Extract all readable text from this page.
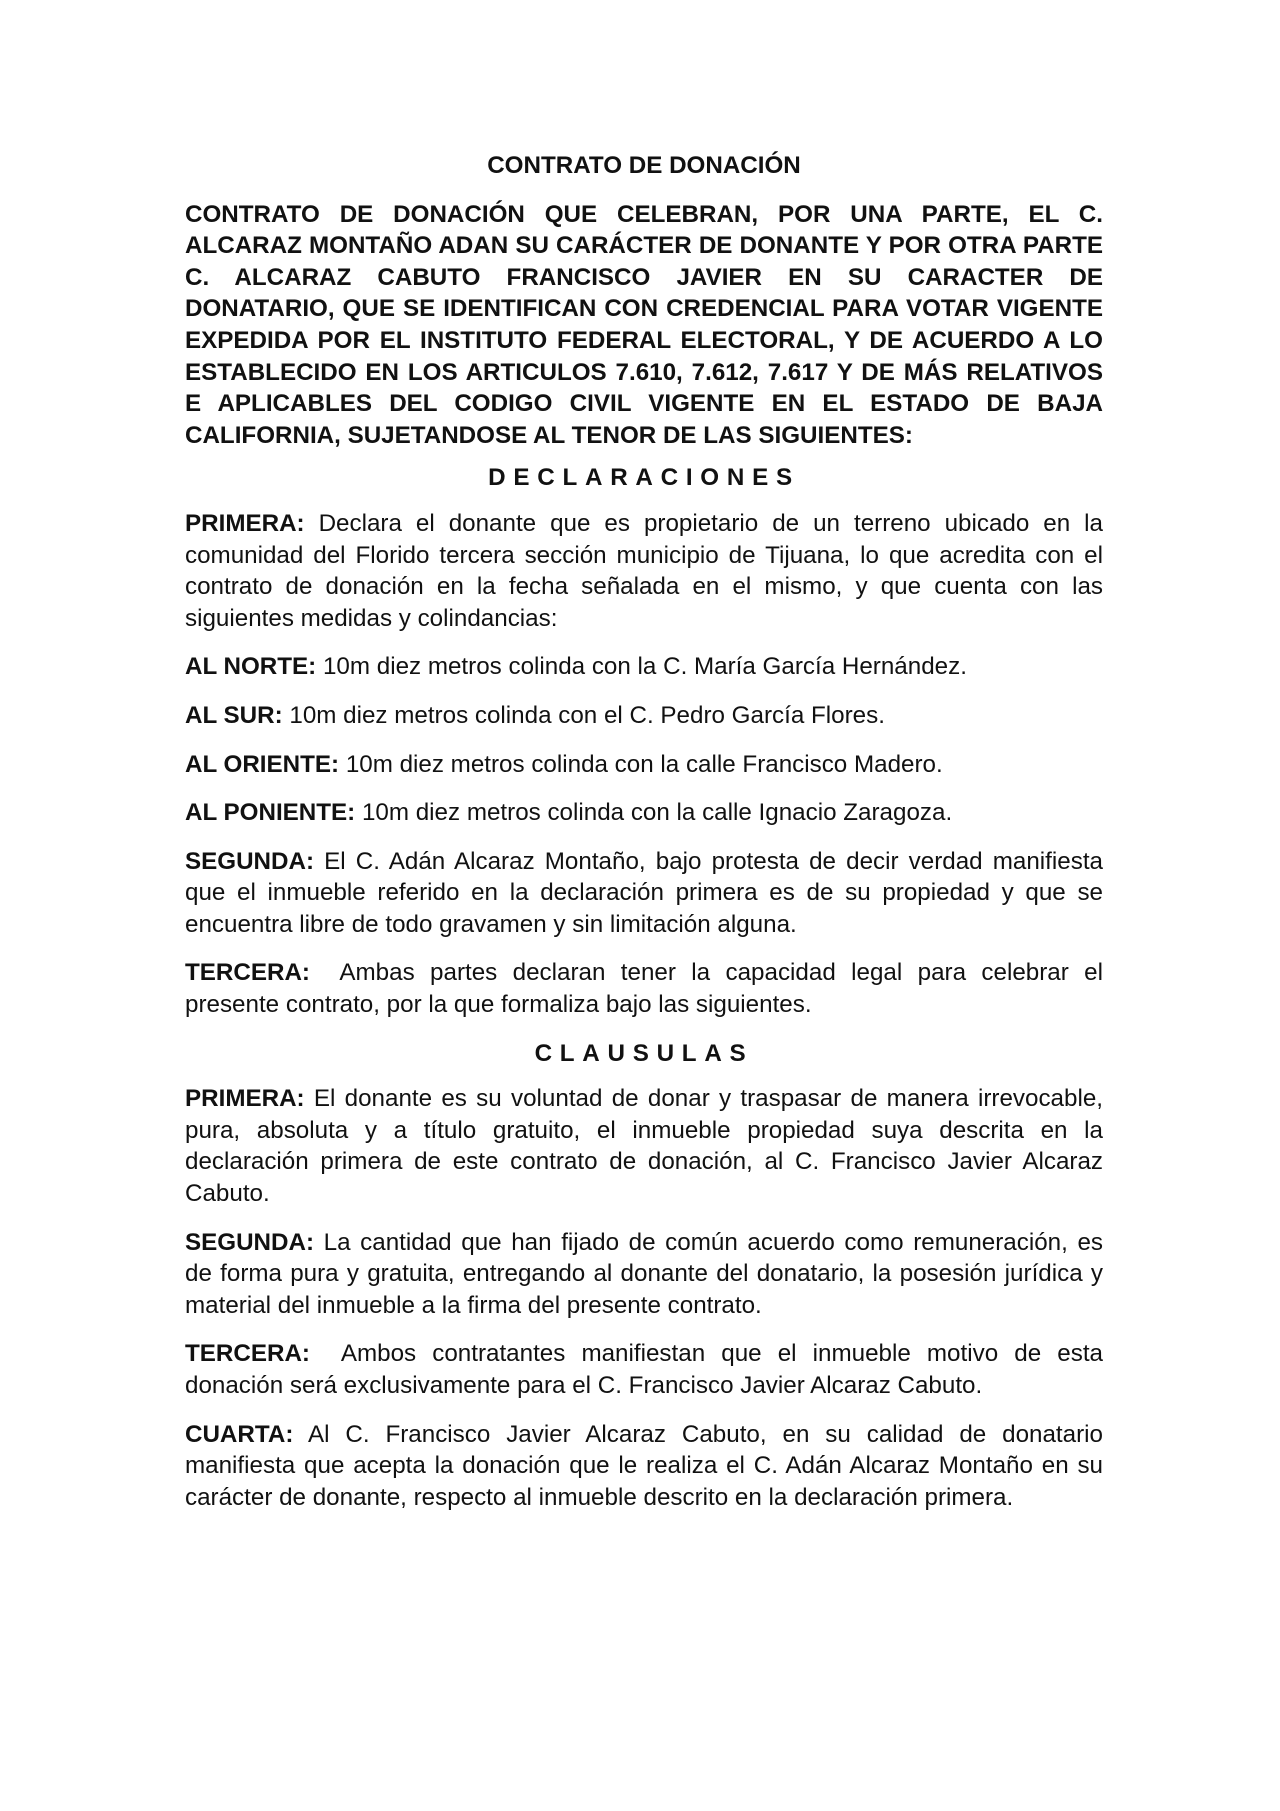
CONTRATO DE DONACIÓN
CONTRATO DE DONACIÓN QUE CELEBRAN, POR UNA PARTE, EL C. ALCARAZ MONTAÑO ADAN SU CARÁCTER DE DONANTE Y POR OTRA PARTE C. ALCARAZ CABUTO FRANCISCO JAVIER EN SU CARACTER DE DONATARIO, QUE SE IDENTIFICAN CON CREDENCIAL PARA VOTAR VIGENTE EXPEDIDA POR EL INSTITUTO FEDERAL ELECTORAL, Y DE ACUERDO A LO ESTABLECIDO EN LOS ARTICULOS 7.610, 7.612, 7.617 Y DE MÁS RELATIVOS E APLICABLES DEL CODIGO CIVIL VIGENTE EN EL ESTADO DE BAJA CALIFORNIA, SUJETANDOSE AL TENOR DE LAS SIGUIENTES:
DECLARACIONES
PRIMERA: Declara el donante que es propietario de un terreno ubicado en la comunidad del Florido tercera sección municipio de Tijuana, lo que acredita con el contrato de donación en la fecha señalada en el mismo, y que cuenta con las siguientes medidas y colindancias:
AL NORTE: 10m diez metros colinda con la C. María García Hernández.
AL SUR: 10m diez metros colinda con el C. Pedro García Flores.
AL ORIENTE: 10m diez metros colinda con la calle Francisco Madero.
AL PONIENTE: 10m diez metros colinda con la calle Ignacio Zaragoza.
SEGUNDA: El C. Adán Alcaraz Montaño, bajo protesta de decir verdad manifiesta que el inmueble referido en la declaración primera es de su propiedad y que se encuentra libre de todo gravamen y sin limitación alguna.
TERCERA:  Ambas partes declaran tener la capacidad legal para celebrar el presente contrato, por la que formaliza bajo las siguientes.
CLAUSULAS
PRIMERA: El donante es su voluntad de donar y traspasar de manera irrevocable, pura, absoluta y a título gratuito, el inmueble propiedad suya descrita en la declaración primera de este contrato de donación, al C. Francisco Javier Alcaraz Cabuto.
SEGUNDA: La cantidad que han fijado de común acuerdo como remuneración, es de forma pura y gratuita, entregando al donante del donatario, la posesión jurídica y material del inmueble a la firma del presente contrato.
TERCERA:  Ambos contratantes manifiestan que el inmueble motivo de esta donación será exclusivamente para el C. Francisco Javier Alcaraz Cabuto.
CUARTA: Al C. Francisco Javier Alcaraz Cabuto, en su calidad de donatario manifiesta que acepta la donación que le realiza el C. Adán Alcaraz Montaño en su carácter de donante, respecto al inmueble descrito en la declaración primera.
